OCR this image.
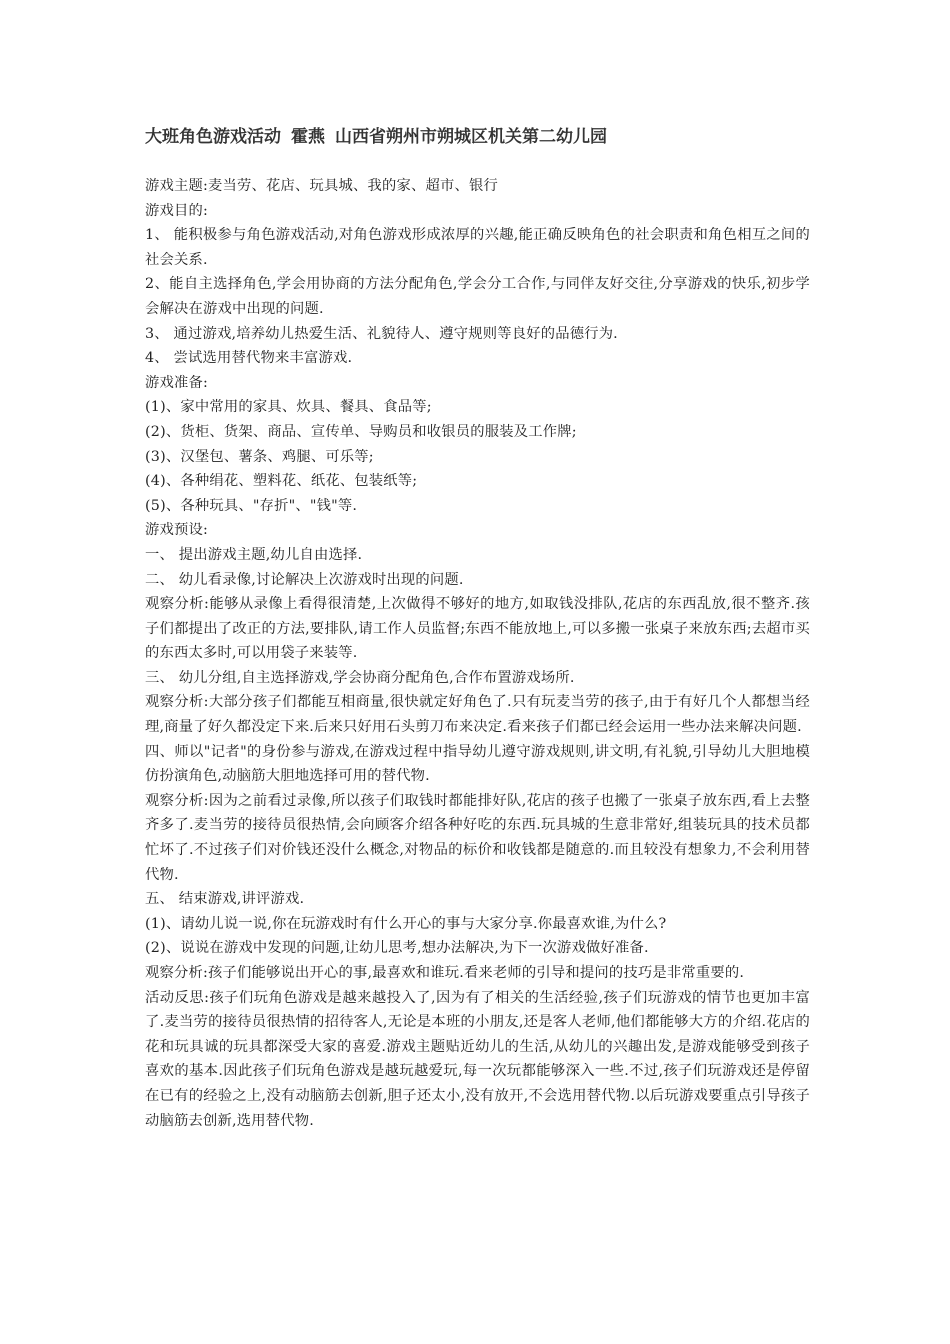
大班角色游戏活动 霍燕 山西省朔州市朔城区机关第二幼儿园

游戏主题:麦当劳、花店、玩具城、我的家、超市、银行

游戏目的:

1、 能积极参与角色游戏活动,对角色游戏形成浓厚的兴趣,能正确反映角色的社会职责和角色相互之间的社会关系.

2、能自主选择角色,学会用协商的方法分配角色,学会分工合作,与同伴友好交往,分享游戏的快乐,初步学会解决在游戏中出现的问题.

3、 通过游戏,培养幼儿热爱生活、礼貌待人、遵守规则等良好的品德行为.

4、 尝试选用替代物来丰富游戏.

游戏准备:

(1)、家中常用的家具、炊具、餐具、食品等;

(2)、货柜、货架、商品、宣传单、导购员和收银员的服装及工作牌;

(3)、汉堡包、薯条、鸡腿、可乐等;

(4)、各种绢花、塑料花、纸花、包装纸等;

(5)、各种玩具、"存折"、"钱"等.

游戏预设:

一、 提出游戏主题,幼儿自由选择.

二、 幼儿看录像,讨论解决上次游戏时出现的问题.

观察分析:能够从录像上看得很清楚,上次做得不够好的地方,如取钱没排队,花店的东西乱放,很不整齐.孩子们都提出了改正的方法,要排队,请工作人员监督;东西不能放地上,可以多搬一张桌子来放东西;去超市买的东西太多时,可以用袋子来装等.

三、 幼儿分组,自主选择游戏,学会协商分配角色,合作布置游戏场所.

观察分析:大部分孩子们都能互相商量,很快就定好角色了.只有玩麦当劳的孩子,由于有好几个人都想当经理,商量了好久都没定下来.后来只好用石头剪刀布来决定.看来孩子们都已经会运用一些办法来解决问题.

四、师以"记者"的身份参与游戏,在游戏过程中指导幼儿遵守游戏规则,讲文明,有礼貌,引导幼儿大胆地模仿扮演角色,动脑筋大胆地选择可用的替代物.

观察分析:因为之前看过录像,所以孩子们取钱时都能排好队,花店的孩子也搬了一张桌子放东西,看上去整齐多了.麦当劳的接待员很热情,会向顾客介绍各种好吃的东西.玩具城的生意非常好,组装玩具的技术员都忙坏了.不过孩子们对价钱还没什么概念,对物品的标价和收钱都是随意的.而且较没有想象力,不会利用替代物.

五、 结束游戏,讲评游戏.

(1)、请幼儿说一说,你在玩游戏时有什么开心的事与大家分享.你最喜欢谁,为什么?

(2)、说说在游戏中发现的问题,让幼儿思考,想办法解决,为下一次游戏做好准备.

观察分析:孩子们能够说出开心的事,最喜欢和谁玩.看来老师的引导和提问的技巧是非常重要的.

活动反思:孩子们玩角色游戏是越来越投入了,因为有了相关的生活经验,孩子们玩游戏的情节也更加丰富了.麦当劳的接待员很热情的招待客人,无论是本班的小朋友,还是客人老师,他们都能够大方的介绍.花店的花和玩具诚的玩具都深受大家的喜爱.游戏主题贴近幼儿的生活,从幼儿的兴趣出发,是游戏能够受到孩子喜欢的基本.因此孩子们玩角色游戏是越玩越爱玩,每一次玩都能够深入一些.不过,孩子们玩游戏还是停留在已有的经验之上,没有动脑筋去创新,胆子还太小,没有放开,不会选用替代物.以后玩游戏要重点引导孩子动脑筋去创新,选用替代物.
